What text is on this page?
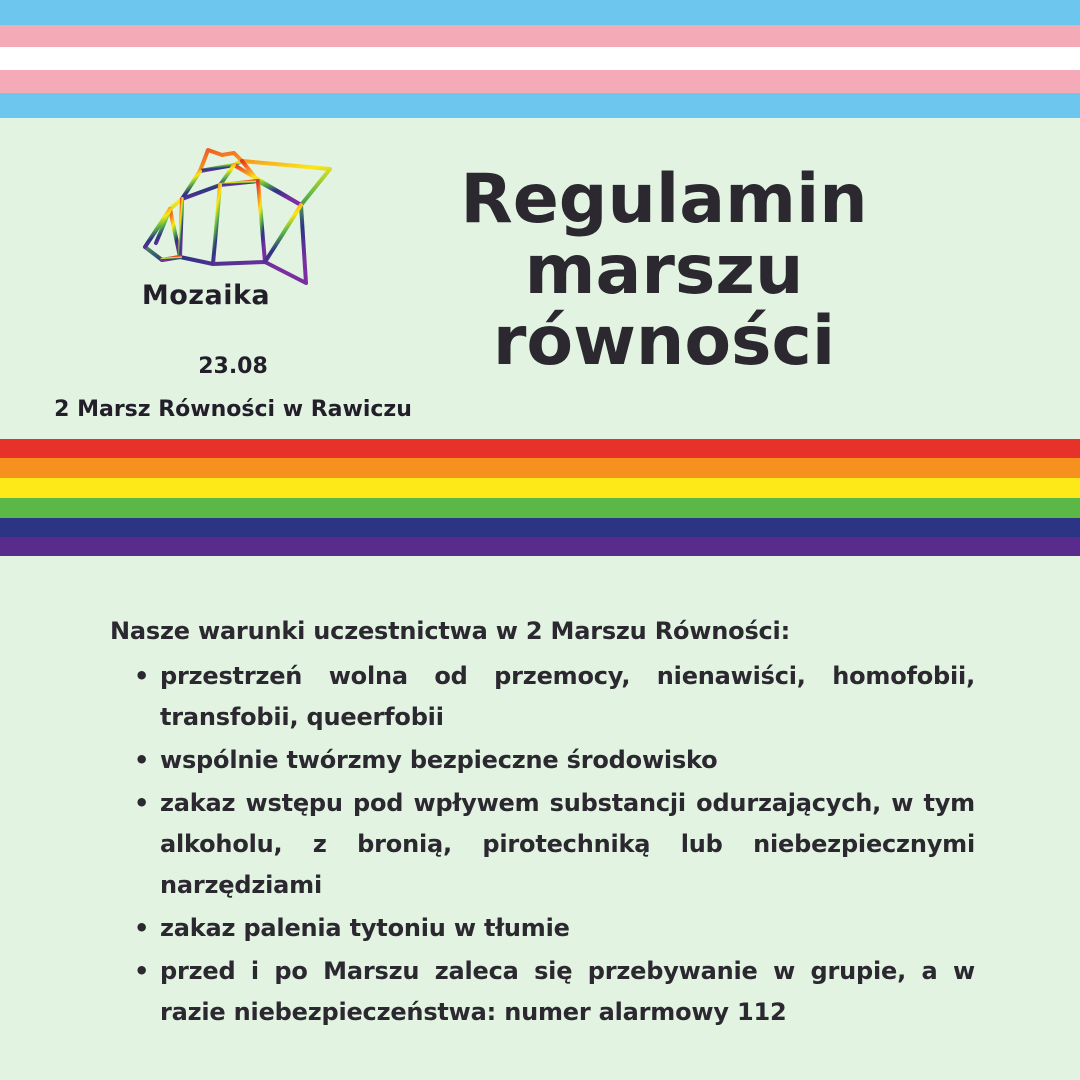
Mozaika
23.08
2 Marsz Równości w Rawiczu
Regulamin
marszu
równości
Nasze warunki uczestnictwa w 2 Marszu Równości:
• przestrzeń wolna od przemocy, nienawiści, homofobii, transfobii, queerfobii
• wspólnie twórzmy bezpieczne środowisko
• zakaz wstępu pod wpływem substancji odurzających, w tym alkoholu, z bronią, pirotechniką lub niebezpiecznymi narzędziami
• zakaz palenia tytoniu w tłumie
• przed i po Marszu zaleca się przebywanie w grupie, a w razie niebezpieczeństwa: numer alarmowy 112
